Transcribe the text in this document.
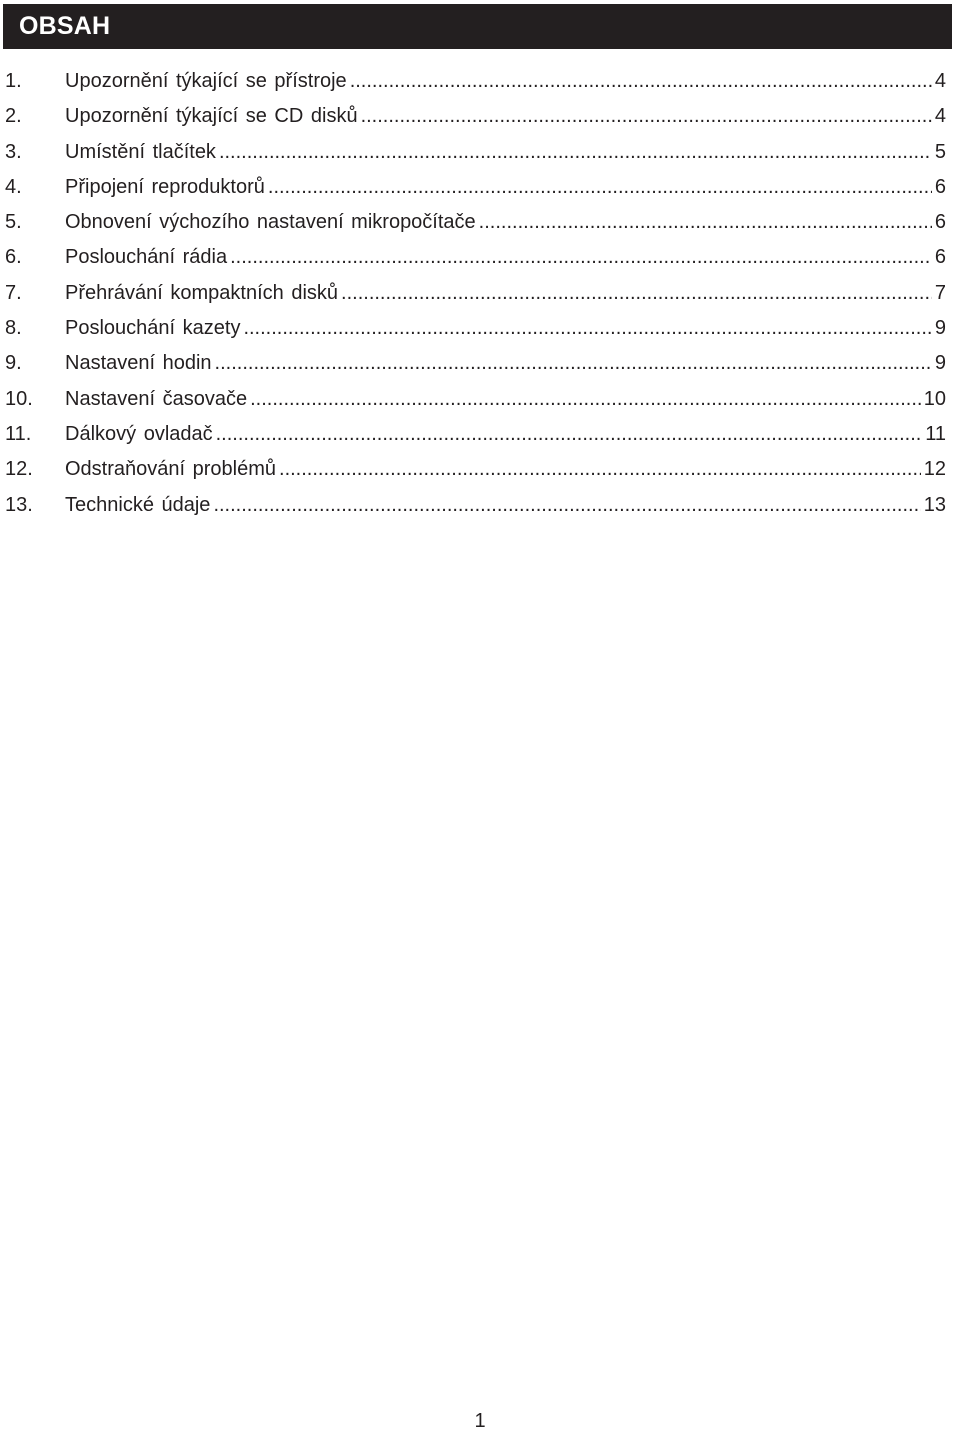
OBSAH
1.	Upozornění týkající se přístroje .....	4
2.	Upozornění týkající se CD disků .....	4
3.	Umístění tlačítek .....	5
4.	Připojení reproduktorů .....	6
5.	Obnovení výchozího nastavení mikropočítače .....	6
6.	Poslouchání rádia .....	6
7.	Přehrávání kompaktních disků .....	7
8.	Poslouchání kazety .....	9
9.	Nastavení hodin .....	9
10.	Nastavení časovače .....	10
11.	Dálkový ovladač .....	11
12.	Odstraňování problémů .....	12
13.	Technické údaje .....	13
1
